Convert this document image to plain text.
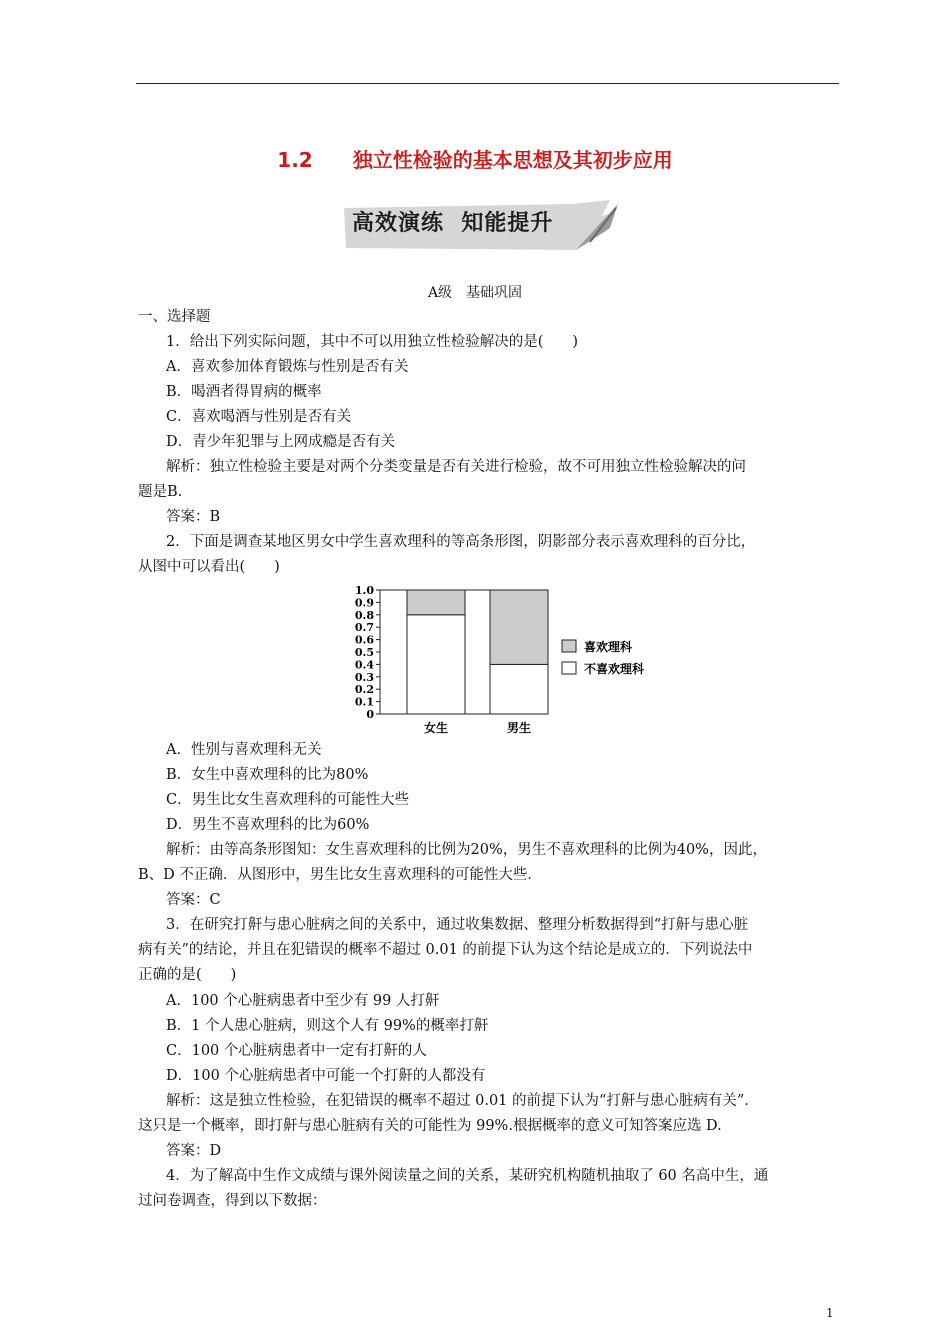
1.2　　独立性检验的基本思想及其初步应用
高效演练  知能提升
A级　基础巩固
一、选择题
1．给出下列实际问题，其中不可以用独立性检验解决的是(　　)
A．喜欢参加体育锻炼与性别是否有关
B．喝酒者得胃病的概率
C．喜欢喝酒与性别是否有关
D．青少年犯罪与上网成瘾是否有关
解析：独立性检验主要是对两个分类变量是否有关进行检验，故不可用独立性检验解决的问
题是B.
答案：B
2．下面是调查某地区男女中学生喜欢理科的等高条形图，阴影部分表示喜欢理科的百分比，
从图中可以看出(　　)
0
0.1
0.2
0.3
0.4
0.5
0.6
0.7
0.8
0.9
1.0
女生	男生
喜欢理科
不喜欢理科
A．性别与喜欢理科无关
B．女生中喜欢理科的比为80%
C．男生比女生喜欢理科的可能性大些
D．男生不喜欢理科的比为60%
解析：由等高条形图知：女生喜欢理科的比例为20%，男生不喜欢理科的比例为40%，因此，
B、D 不正确．从图形中，男生比女生喜欢理科的可能性大些．
答案：C
3．在研究打鼾与患心脏病之间的关系中，通过收集数据、整理分析数据得到“打鼾与患心脏
病有关”的结论，并且在犯错误的概率不超过 0.01 的前提下认为这个结论是成立的．下列说法中
正确的是(　　)
A．100 个心脏病患者中至少有 99 人打鼾
B．1 个人患心脏病，则这个人有 99%的概率打鼾
C．100 个心脏病患者中一定有打鼾的人
D．100 个心脏病患者中可能一个打鼾的人都没有
解析：这是独立性检验，在犯错误的概率不超过 0.01 的前提下认为“打鼾与患心脏病有关”．
这只是一个概率，即打鼾与患心脏病有关的可能性为 99%.根据概率的意义可知答案应选 D.
答案：D
4．为了解高中生作文成绩与课外阅读量之间的关系，某研究机构随机抽取了 60 名高中生，通
过问卷调查，得到以下数据：
1
